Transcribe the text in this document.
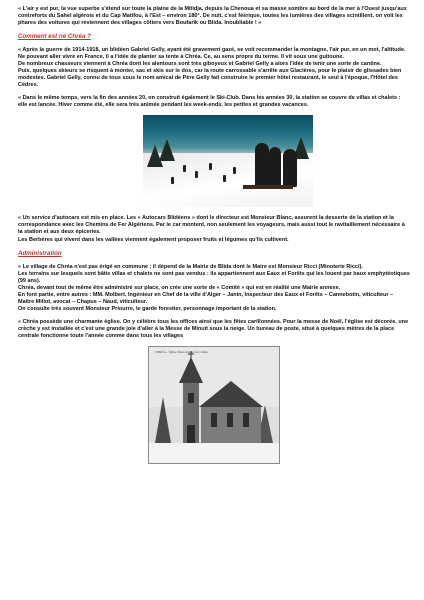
« L'air y est pur, la vue superbe s'étend sur toute la plaine de la Mitidja, depuis la Chenoua et sa masse sombre au bord de la mer à l'Ouest jusqu'aux contreforts du Sahel algérois et du Cap Matifou, à l'Est – environ 180°. De nuit, c'est féérique, toutes les lumières des villages scintillent, on voit les phares des voitures qui reviennent des villages côtiers vers Boufarik ou Blida. Inoubliable ! »

Comment est né Chréa ?

« Après la guerre de 1914-1918, un blidéen Gabriel Gelly, ayant été gravement gazé, se voit recommander la montagne, l'air pur, en un mot, l'altitude. Ne pouvant aller vivre en France, il a l'idée de planter sa tente à Chréa. Ce, au sens propre du terme. Il vit sous une guitoune.

De nombreux chasseurs viennent à Chréa dont les alentours sont très giboyeux et Gabriel Gelly a alors l'idée de tenir une sorte de cantine.

Puis, quelques skieurs se risquent à monter, sac et skis sur le dos, car la route carrossable s'arrête aux Glacières, pour le plaisir de glissades bien modestes. Gabriel Gelly, connu de tous sous le nom amical de Père Gelly fait construire le premier hôtel restaurant, le seul à l'époque, l'Hôtel des Cèdres.

« Dans le même temps, vers la fin des années 20, on construit également le Ski-Club. Dans les années 30, la station se couvre de villas et chalets : elle est lancée. Hiver comme été, elle sera très animée pendant les week-ends, les petites et grandes vacances.

« Un service d'autocars est mis en place. Les « Autocars Blidéens » dont le directeur est Monsieur Blanc, assurent la desserte de la station et la correspondance avec les Chemins de Fer Algériens. Par le car montent, non seulement les voyageurs, mais aussi tout le ravitaillement nécessaire à la station et aux deux épiceries.

Les Berbères qui vivent dans les vallées viennent également proposer fruits et légumes qu'ils cultivent.

Administration

« Le village de Chréa n'est pas érigé en commune ; il dépend de la Mairie de Blida dont le Maire est Monsieur Ricci (Minoterie Ricci).

Les terrains sur lesquels sont bâtis villas et chalets ne sont pas vendus : ils appartiennent aux Eaux et Forêts qui les louent par baux emphytéotiques (99 ans).

Chréa, devant tout de même être administré sur place, on crée une sorte de « Comité » qui est en réalité une Mairie annexe.

En font partie, entre autres : MM. Molbert, Ingénieur en Chef de la ville d'Alger – Janin, Inspecteur des Eaux et Forêts – Cannebotin, viticulteur – Maître Millot, avocat – Chapus – Naud, viticulteur.

On consulte très souvent Monsieur Priourre, le garde forestier, personnage important de la station.

« Chréa possède une charmante église. On y célèbre tous les offices ainsi que les fêtes carillonnées. Pour la messe de Noël, l'église est décorée, une crèche y est installée et c'est une grande joie d'aller à la Messe de Minuit sous la neige. Un bureau de poste, situé à quelques mètres de la place centrale fonctionne toute l'année comme dans tous les villages

CHRÉA – Église Notre-Dame des Cèdres
